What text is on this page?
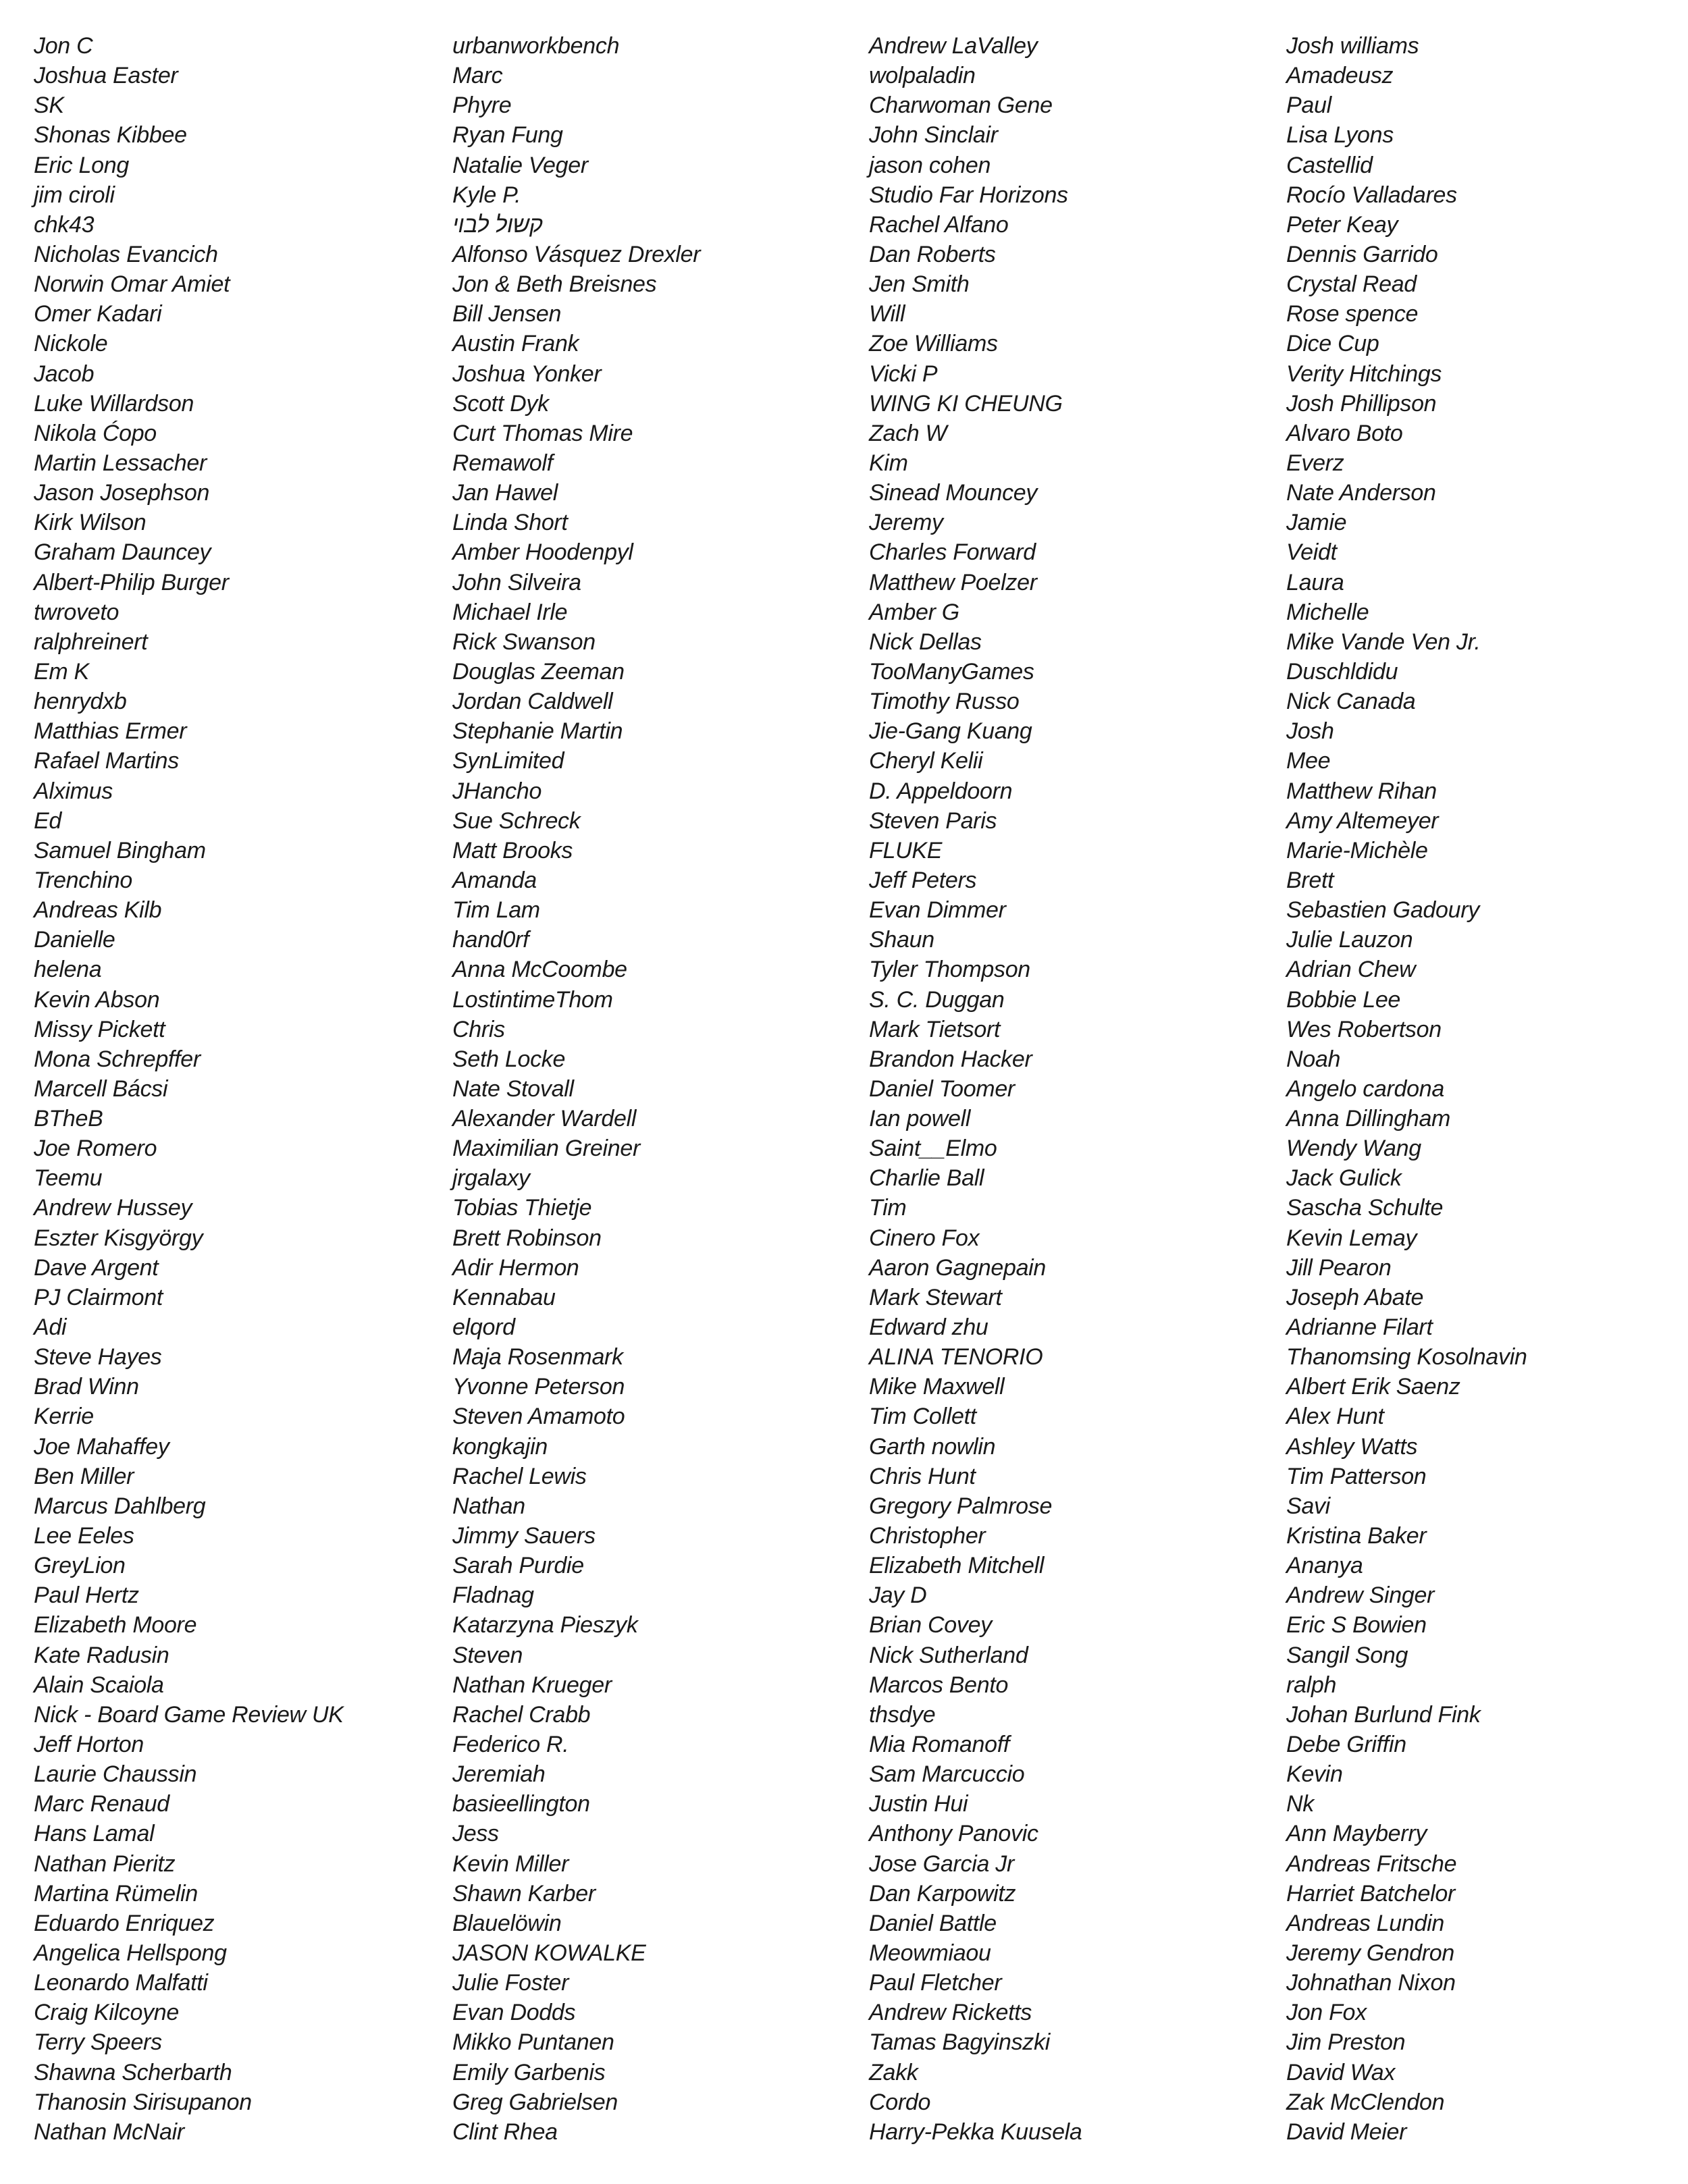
Jon C
Joshua Easter
SK
Shonas Kibbee
Eric Long
jim ciroli
chk43
Nicholas Evancich
Norwin Omar Amiet
Omer Kadari
Nickole
Jacob
Luke Willardson
Nikola Ćopo
Martin Lessacher
Jason Josephson
Kirk Wilson
Graham Dauncey
Albert-Philip Burger
twroveto
ralphreinert
Em K
henrydxb
Matthias Ermer
Rafael Martins
Alximus
Ed
Samuel Bingham
Trenchino
Andreas Kilb
Danielle
helena
Kevin Abson
Missy Pickett
Mona Schrepffer
Marcell Bácsi
BTheB
Joe Romero
Teemu
Andrew Hussey
Eszter Kisgyörgy
Dave Argent
PJ Clairmont
Adi
Steve Hayes
Brad Winn
Kerrie
Joe Mahaffey
Ben Miller
Marcus Dahlberg
Lee Eeles
GreyLion
Paul Hertz
Elizabeth Moore
Kate Radusin
Alain Scaiola
Nick - Board Game Review UK
Jeff Horton
Laurie Chaussin
Marc Renaud
Hans Lamal
Nathan Pieritz
Martina Rümelin
Eduardo Enriquez
Angelica Hellspong
Leonardo Malfatti
Craig Kilcoyne
Terry Speers
Shawna Scherbarth
Thanosin Sirisupanon
Nathan McNair
urbanworkbench
Marc
Phyre
Ryan Fung
Natalie Veger
Kyle P.
קשול לבוי
Alfonso Vásquez Drexler
Jon & Beth Breisnes
Bill Jensen
Austin Frank
Joshua Yonker
Scott Dyk
Curt Thomas Mire
Remawolf
Jan Hawel
Linda Short
Amber Hoodenpyl
John Silveira
Michael Irle
Rick Swanson
Douglas Zeeman
Jordan Caldwell
Stephanie Martin
SynLimited
JHancho
Sue Schreck
Matt Brooks
Amanda
Tim Lam
hand0rf
Anna McCoombe
LostintimeThom
Chris
Seth Locke
Nate Stovall
Alexander Wardell
Maximilian Greiner
jrgalaxy
Tobias Thietje
Brett Robinson
Adir Hermon
Kennabau
elqord
Maja Rosenmark
Yvonne Peterson
Steven Amamoto
kongkajin
Rachel Lewis
Nathan
Jimmy Sauers
Sarah Purdie
Fladnag
Katarzyna Pieszyk
Steven
Nathan Krueger
Rachel Crabb
Federico R.
Jeremiah
basieellington
Jess
Kevin Miller
Shawn Karber
Blauelöwin
JASON KOWALKE
Julie Foster
Evan Dodds
Mikko Puntanen
Emily Garbenis
Greg Gabrielsen
Clint Rhea
Andrew LaValley
wolpaladin
Charwoman Gene
John Sinclair
jason cohen
Studio Far Horizons
Rachel Alfano
Dan Roberts
Jen Smith
Will
Zoe Williams
Vicki P
WING KI CHEUNG
Zach W
Kim
Sinead Mouncey
Jeremy
Charles Forward
Matthew Poelzer
Amber G
Nick Dellas
TooManyGames
Timothy Russo
Jie-Gang Kuang
Cheryl Kelii
D. Appeldoorn
Steven Paris
FLUKE
Jeff Peters
Evan Dimmer
Shaun
Tyler Thompson
S. C. Duggan
Mark Tietsort
Brandon Hacker
Daniel Toomer
Ian powell
Saint__Elmo
Charlie Ball
Tim
Cinero Fox
Aaron Gagnepain
Mark Stewart
Edward zhu
ALINA TENORIO
Mike Maxwell
Tim Collett
Garth nowlin
Chris Hunt
Gregory Palmrose
Christopher
Elizabeth Mitchell
Jay D
Brian Covey
Nick Sutherland
Marcos Bento
thsdye
Mia Romanoff
Sam Marcuccio
Justin Hui
Anthony Panovic
Jose Garcia Jr
Dan Karpowitz
Daniel Battle
Meowmiaou
Paul Fletcher
Andrew Ricketts
Tamas Bagyinszki
Zakk
Cordo
Harry-Pekka Kuusela
Josh williams
Amadeusz
Paul
Lisa Lyons
Castellid
Rocío Valladares
Peter Keay
Dennis Garrido
Crystal Read
Rose spence
Dice Cup
Verity Hitchings
Josh Phillipson
Alvaro Boto
Everz
Nate Anderson
Jamie
Veidt
Laura
Michelle
Mike Vande Ven Jr.
Duschldidu
Nick Canada
Josh
Mee
Matthew Rihan
Amy Altemeyer
Marie-Michèle
Brett
Sebastien Gadoury
Julie Lauzon
Adrian Chew
Bobbie Lee
Wes Robertson
Noah
Angelo cardona
Anna Dillingham
Wendy Wang
Jack Gulick
Sascha Schulte
Kevin Lemay
Jill Pearon
Joseph Abate
Adrianne Filart
Thanomsing Kosolnavin
Albert Erik Saenz
Alex Hunt
Ashley Watts
Tim Patterson
Savi
Kristina Baker
Ananya
Andrew Singer
Eric S Bowien
Sangil Song
ralph
Johan Burlund Fink
Debe Griffin
Kevin
Nk
Ann Mayberry
Andreas Fritsche
Harriet Batchelor
Andreas Lundin
Jeremy Gendron
Johnathan Nixon
Jon Fox
Jim Preston
David Wax
Zak McClendon
David Meier
